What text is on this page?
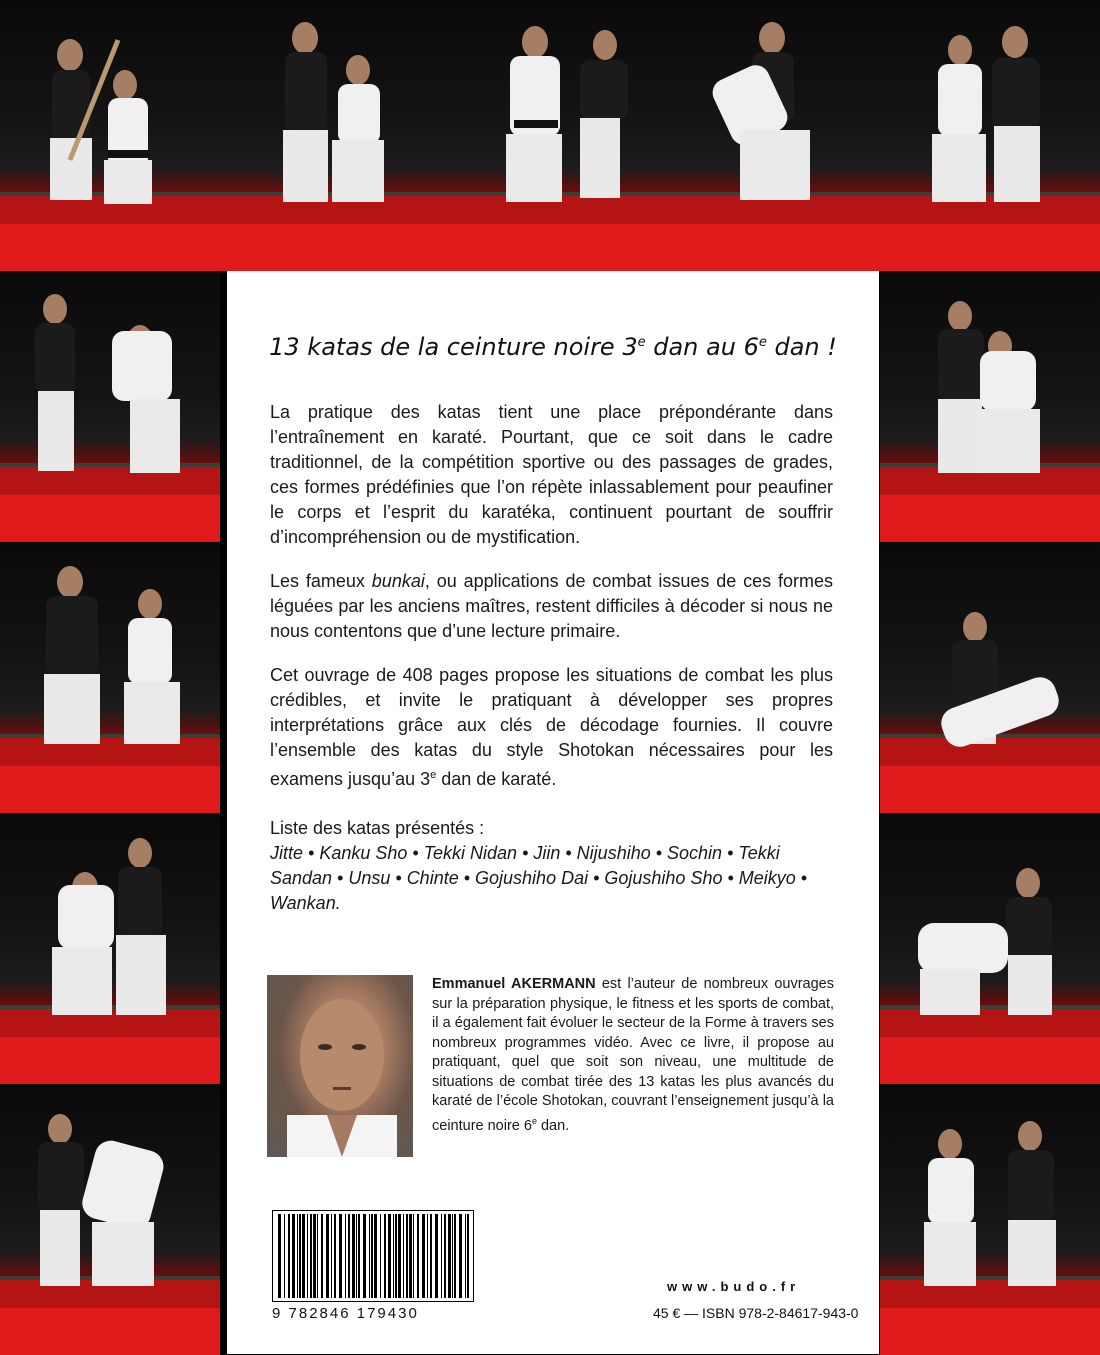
13 katas de la ceinture noire 3e dan au 6e dan !

La pratique des katas tient une place prépondérante dans l’entraînement en karaté. Pourtant, que ce soit dans le cadre traditionnel, de la compétition sportive ou des passages de grades, ces formes prédéfinies que l’on répète inlassablement pour peaufiner le corps et l’esprit du karatéka, continuent pourtant de souffrir d’incompréhension ou de mystification.

Les fameux bunkai, ou applications de combat issues de ces formes léguées par les anciens maîtres, restent difficiles à décoder si nous ne nous contentons que d’une lecture primaire.

Cet ouvrage de 408 pages propose les situations de combat les plus crédibles, et invite le pratiquant à développer ses propres interprétations grâce aux clés de décodage fournies. Il couvre l’ensemble des katas du style Shotokan nécessaires pour les examens jusqu’au 3e dan de karaté.

Liste des katas présentés :
Jitte • Kanku Sho • Tekki Nidan • Jiin • Nijushiho • Sochin • Tekki Sandan • Unsu • Chinte • Gojushiho Dai • Gojushiho Sho • Meikyo • Wankan.

Emmanuel AKERMANN est l’auteur de nombreux ouvrages sur la préparation physique, le fitness et les sports de combat, il a également fait évoluer le secteur de la Forme à travers ses nombreux programmes vidéo. Avec ce livre, il propose au pratiquant, quel que soit son niveau, une multitude de situations de combat tirée des 13 katas les plus avancés du karaté de l’école Shotokan, couvrant l’enseignement jusqu’à la ceinture noire 6e dan.
9 782846 179430
www.budo.fr
45 € — ISBN 978-2-84617-943-0
